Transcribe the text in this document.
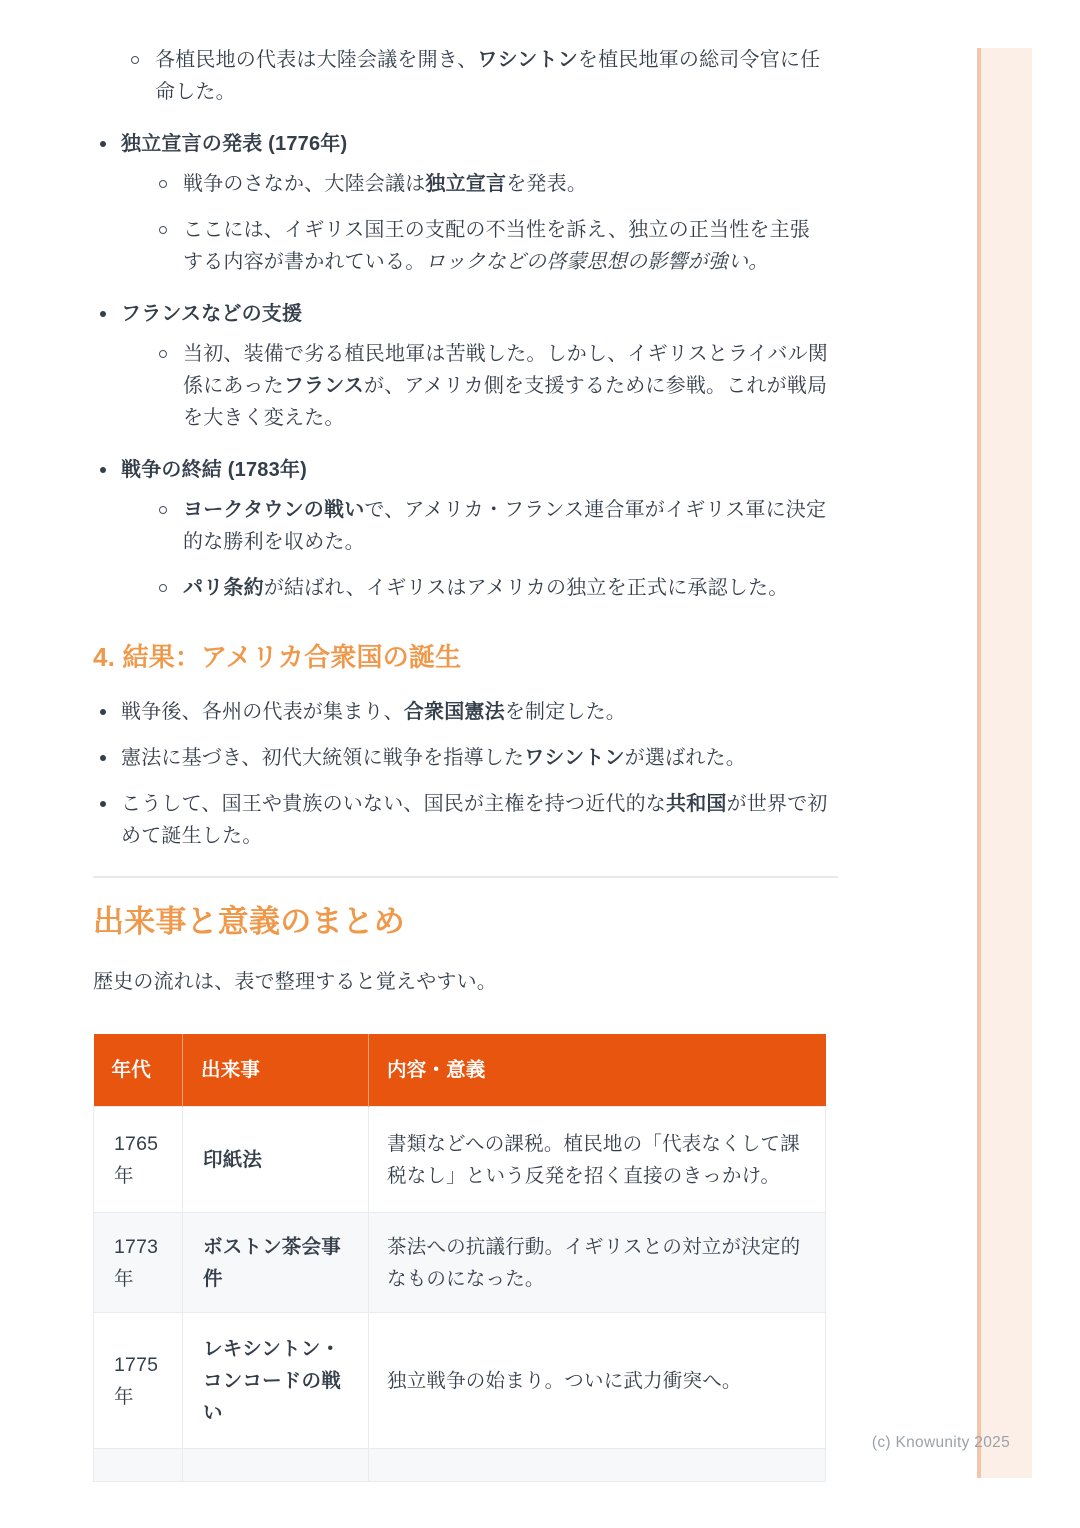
各植民地の代表は大陸会議を開き、ワシントンを植民地軍の総司令官に任命した。
独立宣言の発表 (1776年)
戦争のさなか、大陸会議は独立宣言を発表。
ここには、イギリス国王の支配の不当性を訴え、独立の正当性を主張する内容が書かれている。ロックなどの啓蒙思想の影響が強い。
フランスなどの支援
当初、装備で劣る植民地軍は苦戦した。しかし、イギリスとライバル関係にあったフランスが、アメリカ側を支援するために参戦。これが戦局を大きく変えた。
戦争の終結 (1783年)
ヨークタウンの戦いで、アメリカ・フランス連合軍がイギリス軍に決定的な勝利を収めた。
パリ条約が結ばれ、イギリスはアメリカの独立を正式に承認した。
4. 結果：アメリカ合衆国の誕生
戦争後、各州の代表が集まり、合衆国憲法を制定した。
憲法に基づき、初代大統領に戦争を指導したワシントンが選ばれた。
こうして、国王や貴族のいない、国民が主権を持つ近代的な共和国が世界で初めて誕生した。
出来事と意義のまとめ

歴史の流れは、表で整理すると覚えやすい。

年代	出来事	内容・意義
1765年	印紙法	書類などへの課税。植民地の「代表なくして課税なし」という反発を招く直接のきっかけ。
1773年	ボストン茶会事件	茶法への抗議行動。イギリスとの対立が決定的なものになった。
1775年	レキシントン・コンコードの戦い	独立戦争の始まり。ついに武力衝突へ。

(c) Knowunity 2025
